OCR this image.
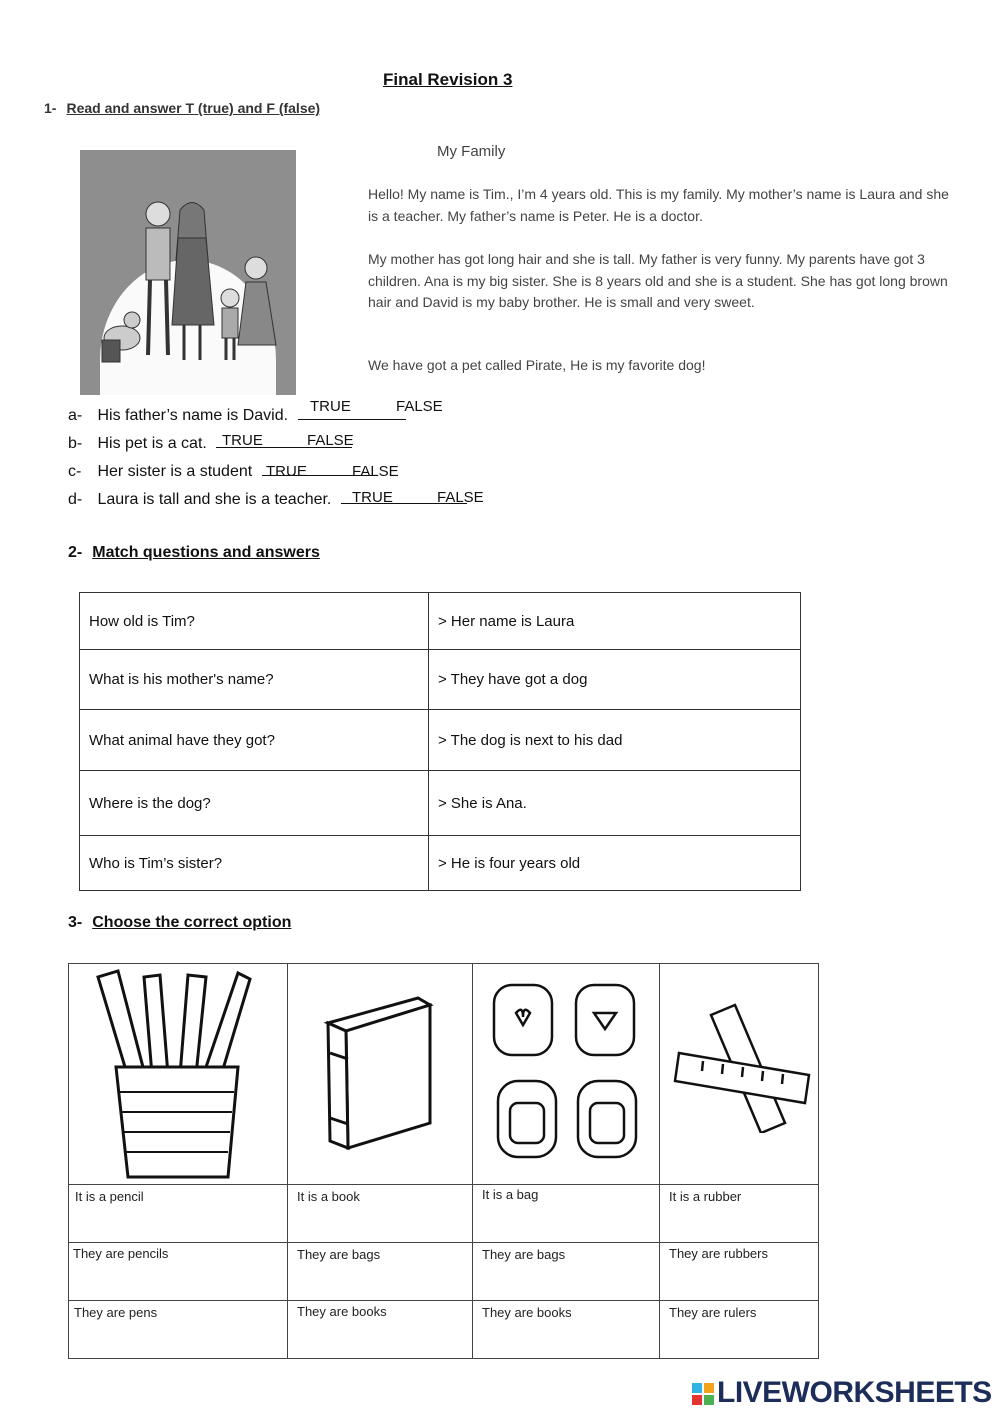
Final Revision 3
1- Read and answer T (true) and F (false)
My Family
Hello! My name is Tim., I’m 4 years old. This is my family. My mother’s name is Laura and she is a teacher. My father’s name is Peter. He is a doctor.
My mother has got long hair and she is tall. My father is very funny. My parents have got 3 children. Ana is my big sister. She is 8 years old and she is a student. She has got long brown hair and David is my baby brother. He is small and very sweet.
We have got a pet called Pirate, He is my favorite dog!
a- His father’s name is David.
TRUE	FALSE
b- His pet is a cat.	TRUE	FALSE
c- Her sister is a student TRUE	FALSE
d- Laura is tall and she is a teacher.	TRUE	FALSE
2- Match questions and answers
How old is Tim?	> Her name is Laura
What is his mother's name?	> They have got a dog
What animal have they got?	> The dog is next to his dad
Where is the dog?	> She is Ana.
Who is Tim’s sister?	> He is four years old
3- Choose the correct option
It is a pencil	It is a book	It is a bag	It is a rubber
They are pencils	They are bags	They are bags	They are rubbers
They are pens	They are books	They are books	They are rulers
LIVEWORKSHEETS
